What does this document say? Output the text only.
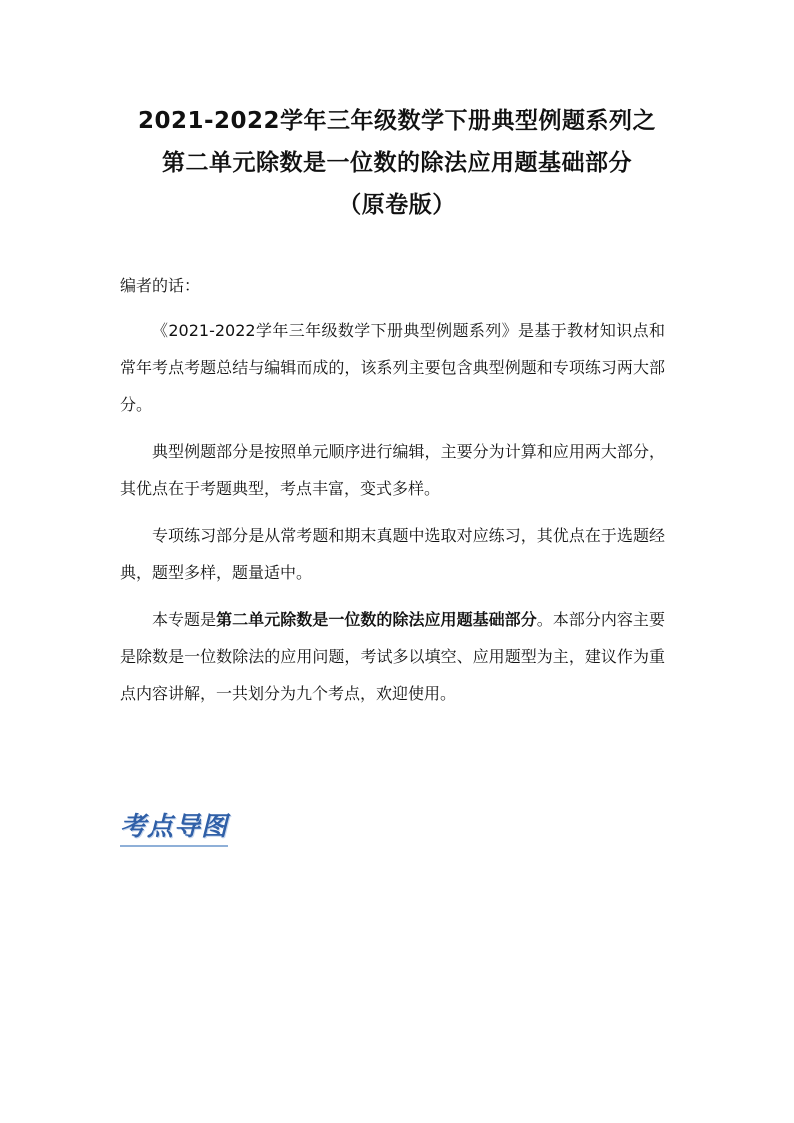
2021-2022学年三年级数学下册典型例题系列之
第二单元除数是一位数的除法应用题基础部分
（原卷版）
编者的话：
《2021-2022学年三年级数学下册典型例题系列》是基于教材知识点和常年考点考题总结与编辑而成的，该系列主要包含典型例题和专项练习两大部分。
典型例题部分是按照单元顺序进行编辑，主要分为计算和应用两大部分，其优点在于考题典型，考点丰富，变式多样。
专项练习部分是从常考题和期末真题中选取对应练习，其优点在于选题经典，题型多样，题量适中。
本专题是第二单元除数是一位数的除法应用题基础部分。本部分内容主要是除数是一位数除法的应用问题，考试多以填空、应用题型为主，建议作为重点内容讲解，一共划分为九个考点，欢迎使用。
考点导图
